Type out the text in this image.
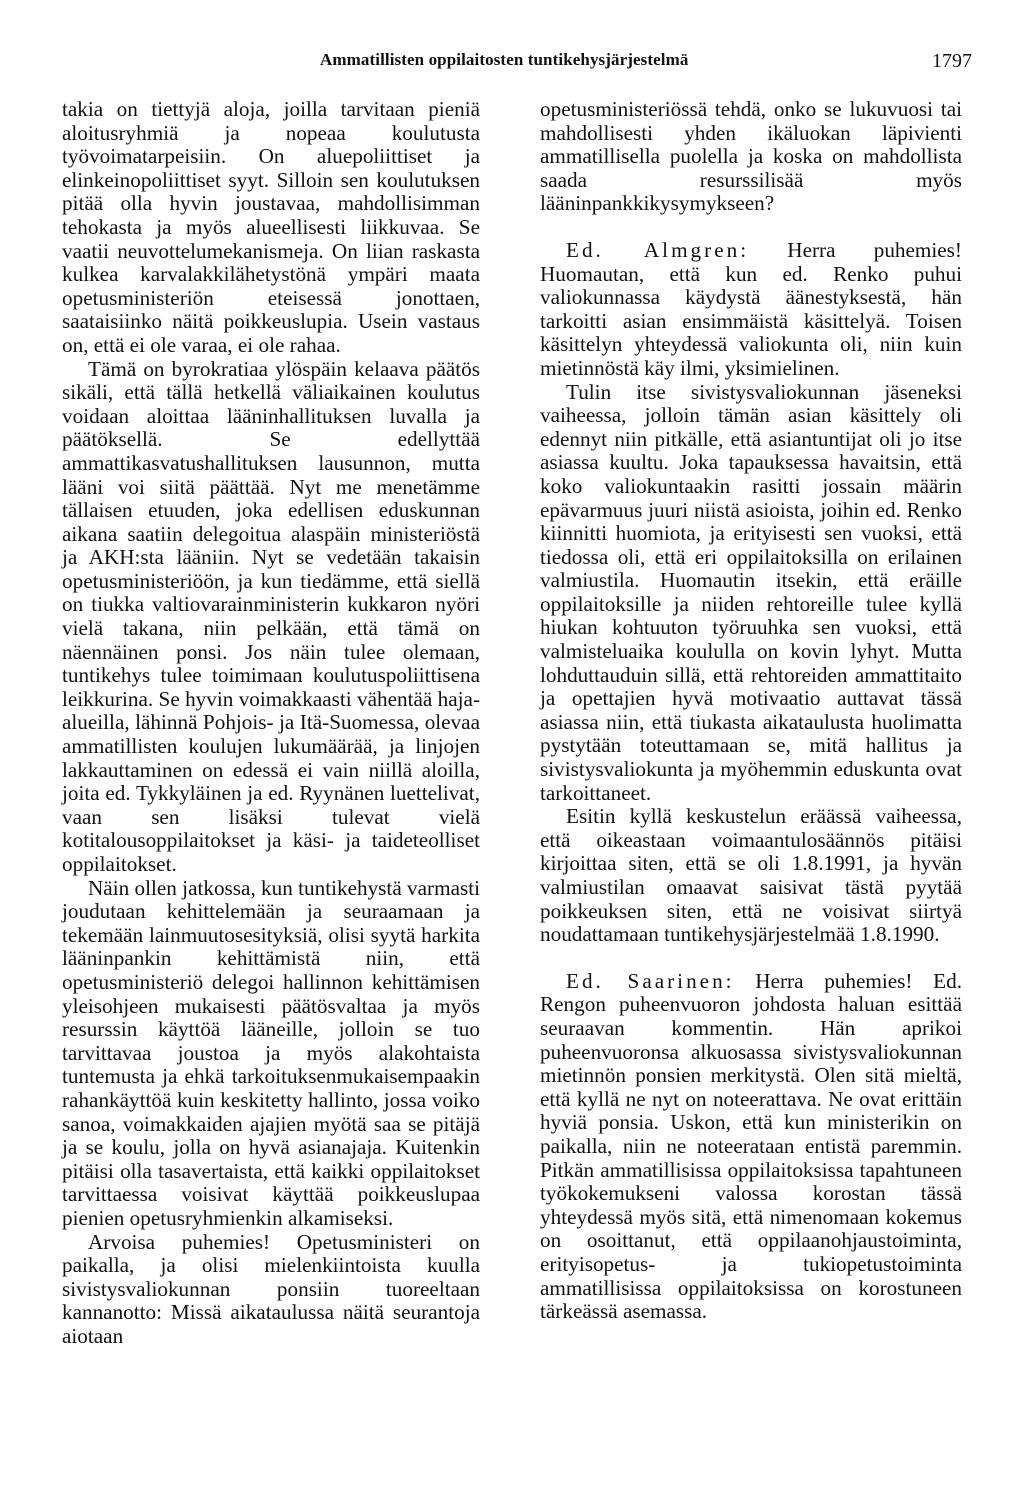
Ammatillisten oppilaitosten tuntikehysjärjestelmä	1797

takia on tiettyjä aloja, joilla tarvitaan pieniä aloitusryhmiä ja nopeaa koulutusta työvoimatarpeisiin. On aluepoliittiset ja elinkeinopoliittiset syyt. Silloin sen koulutuksen pitää olla hyvin joustavaa, mahdollisimman tehokasta ja myös alueellisesti liikkuvaa. Se vaatii neuvottelumekanismeja. On liian raskasta kulkea karvalakkilähetystönä ympäri maata opetusministeriön eteisessä jonottaen, saataisiinko näitä poikkeuslupia. Usein vastaus on, että ei ole varaa, ei ole rahaa.

Tämä on byrokratiaa ylöspäin kelaava päätös sikäli, että tällä hetkellä väliaikainen koulutus voidaan aloittaa lääninhallituksen luvalla ja päätöksellä. Se edellyttää ammattikasvatushallituksen lausunnon, mutta lääni voi siitä päättää. Nyt me menetämme tällaisen etuuden, joka edellisen eduskunnan aikana saatiin delegoitua alaspäin ministeriöstä ja AKH:sta lääniin. Nyt se vedetään takaisin opetusministeriöön, ja kun tiedämme, että siellä on tiukka valtiovarainministerin kukkaron nyöri vielä takana, niin pelkään, että tämä on näennäinen ponsi. Jos näin tulee olemaan, tuntikehys tulee toimimaan koulutuspoliittisena leikkurina. Se hyvin voimakkaasti vähentää haja-alueilla, lähinnä Pohjois- ja Itä-Suomessa, olevaa ammatillisten koulujen lukumäärää, ja linjojen lakkauttaminen on edessä ei vain niillä aloilla, joita ed. Tykkyläinen ja ed. Ryynänen luettelivat, vaan sen lisäksi tulevat vielä kotitalousoppilaitokset ja käsi- ja taideteolliset oppilaitokset.

Näin ollen jatkossa, kun tuntikehystä varmasti joudutaan kehittelemään ja seuraamaan ja tekemään lainmuutosesityksiä, olisi syytä harkita lääninpankin kehittämistä niin, että opetusministeriö delegoi hallinnon kehittämisen yleisohjeen mukaisesti päätösvaltaa ja myös resurssin käyttöä lääneille, jolloin se tuo tarvittavaa joustoa ja myös alakohtaista tuntemusta ja ehkä tarkoituksenmukaisempaakin rahankäyttöä kuin keskitetty hallinto, jossa voiko sanoa, voimakkaiden ajajien myötä saa se pitäjä ja se koulu, jolla on hyvä asianajaja. Kuitenkin pitäisi olla tasavertaista, että kaikki oppilaitokset tarvittaessa voisivat käyttää poikkeuslupaa pienien opetusryhmienkin alkamiseksi.

Arvoisa puhemies! Opetusministeri on paikalla, ja olisi mielenkiintoista kuulla sivistysvaliokunnan ponsiin tuoreeltaan kannanotto: Missä aikataulussa näitä seurantoja aiotaan

opetusministeriössä tehdä, onko se lukuvuosi tai mahdollisesti yhden ikäluokan läpivienti ammatillisella puolella ja koska on mahdollista saada resurssilisää myös lääninpankkikysymykseen?

Ed. Almgren: Herra puhemies! Huomautan, että kun ed. Renko puhui valiokunnassa käydystä äänestyksestä, hän tarkoitti asian ensimmäistä käsittelyä. Toisen käsittelyn yhteydessä valiokunta oli, niin kuin mietinnöstä käy ilmi, yksimielinen.

Tulin itse sivistysvaliokunnan jäseneksi vaiheessa, jolloin tämän asian käsittely oli edennyt niin pitkälle, että asiantuntijat oli jo itse asiassa kuultu. Joka tapauksessa havaitsin, että koko valiokuntaakin rasitti jossain määrin epävarmuus juuri niistä asioista, joihin ed. Renko kiinnitti huomiota, ja erityisesti sen vuoksi, että tiedossa oli, että eri oppilaitoksilla on erilainen valmiustila. Huomautin itsekin, että eräille oppilaitoksille ja niiden rehtoreille tulee kyllä hiukan kohtuuton työruuhka sen vuoksi, että valmisteluaika koululla on kovin lyhyt. Mutta lohduttauduin sillä, että rehtoreiden ammattitaito ja opettajien hyvä motivaatio auttavat tässä asiassa niin, että tiukasta aikataulusta huolimatta pystytään toteuttamaan se, mitä hallitus ja sivistysvaliokunta ja myöhemmin eduskunta ovat tarkoittaneet.

Esitin kyllä keskustelun eräässä vaiheessa, että oikeastaan voimaantulosäännös pitäisi kirjoittaa siten, että se oli 1.8.1991, ja hyvän valmiustilan omaavat saisivat tästä pyytää poikkeuksen siten, että ne voisivat siirtyä noudattamaan tuntikehysjärjestelmää 1.8.1990.

Ed. Saarinen: Herra puhemies! Ed. Rengon puheenvuoron johdosta haluan esittää seuraavan kommentin. Hän aprikoi puheenvuoronsa alkuosassa sivistysvaliokunnan mietinnön ponsien merkitystä. Olen sitä mieltä, että kyllä ne nyt on noteerattava. Ne ovat erittäin hyviä ponsia. Uskon, että kun ministerikin on paikalla, niin ne noteerataan entistä paremmin. Pitkän ammatillisissa oppilaitoksissa tapahtuneen työkokemukseni valossa korostan tässä yhteydessä myös sitä, että nimenomaan kokemus on osoittanut, että oppilaanohjaustoiminta, erityisopetus- ja tukiopetustoiminta ammatillisissa oppilaitoksissa on korostuneen tärkeässä asemassa.
